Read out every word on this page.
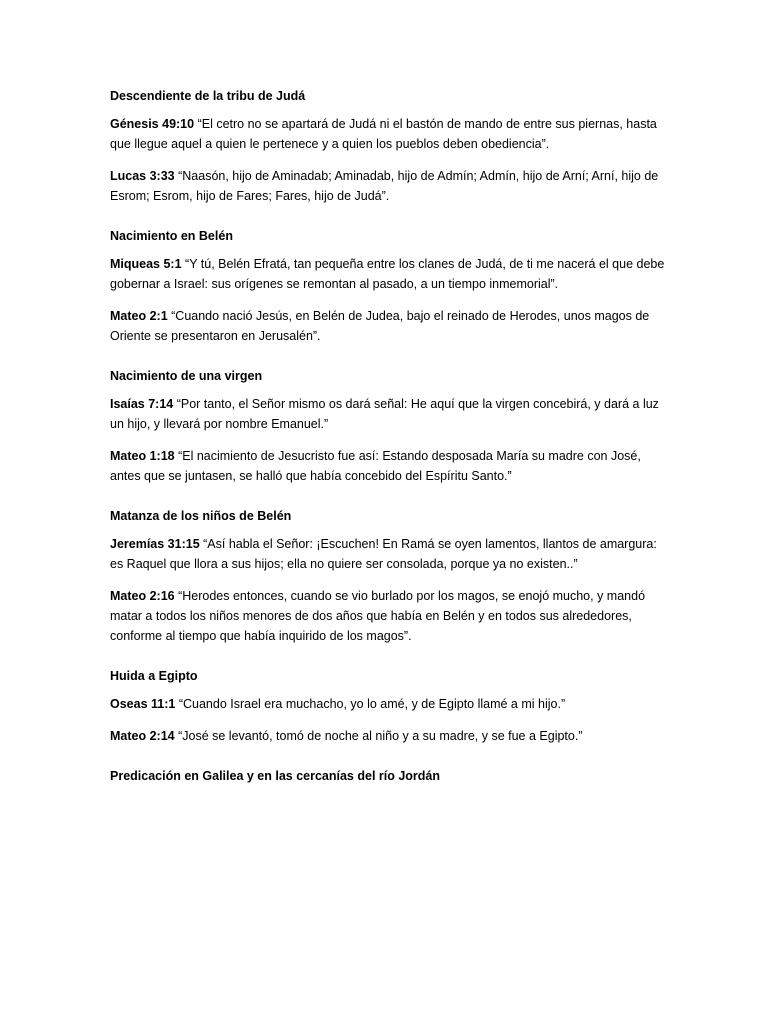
Descendiente de la tribu de Judá

Génesis 49:10 “El cetro no se apartará de Judá ni el bastón de mando de entre sus piernas, hasta que llegue aquel a quien le pertenece y a quien los pueblos deben obediencia”.

Lucas 3:33 “Naasón, hijo de Aminadab; Aminadab, hijo de Admín; Admín, hijo de Arní; Arní, hijo de Esrom; Esrom, hijo de Fares; Fares, hijo de Judá”.

Nacimiento en Belén

Miqueas 5:1 “Y tú, Belén Efratá, tan pequeña entre los clanes de Judá, de ti me nacerá el que debe gobernar a Israel: sus orígenes se remontan al pasado, a un tiempo inmemorial”.

Mateo 2:1 “Cuando nació Jesús, en Belén de Judea, bajo el reinado de Herodes, unos magos de Oriente se presentaron en Jerusalén”.

Nacimiento de una virgen

Isaías 7:14 “Por tanto, el Señor mismo os dará señal: He aquí que la virgen concebirá, y dará a luz un hijo, y llevará por nombre Emanuel.”

Mateo 1:18 “El nacimiento de Jesucristo fue así: Estando desposada María su madre con José, antes que se juntasen, se halló que había concebido del Espíritu Santo.”

Matanza de los niños de Belén

Jeremías 31:15 “Así habla el Señor: ¡Escuchen! En Ramá se oyen lamentos, llantos de amargura: es Raquel que llora a sus hijos; ella no quiere ser consolada, porque ya no existen..”

Mateo 2:16 “Herodes entonces, cuando se vio burlado por los magos, se enojó mucho, y mandó matar a todos los niños menores de dos años que había en Belén y en todos sus alrededores, conforme al tiempo que había inquirido de los magos”.

Huida a Egipto

Oseas 11:1 “Cuando Israel era muchacho, yo lo amé, y de Egipto llamé a mi hijo.”

Mateo 2:14 “José se levantó, tomó de noche al niño y a su madre, y se fue a Egipto.”

Predicación en Galilea y en las cercanías del río Jordán
